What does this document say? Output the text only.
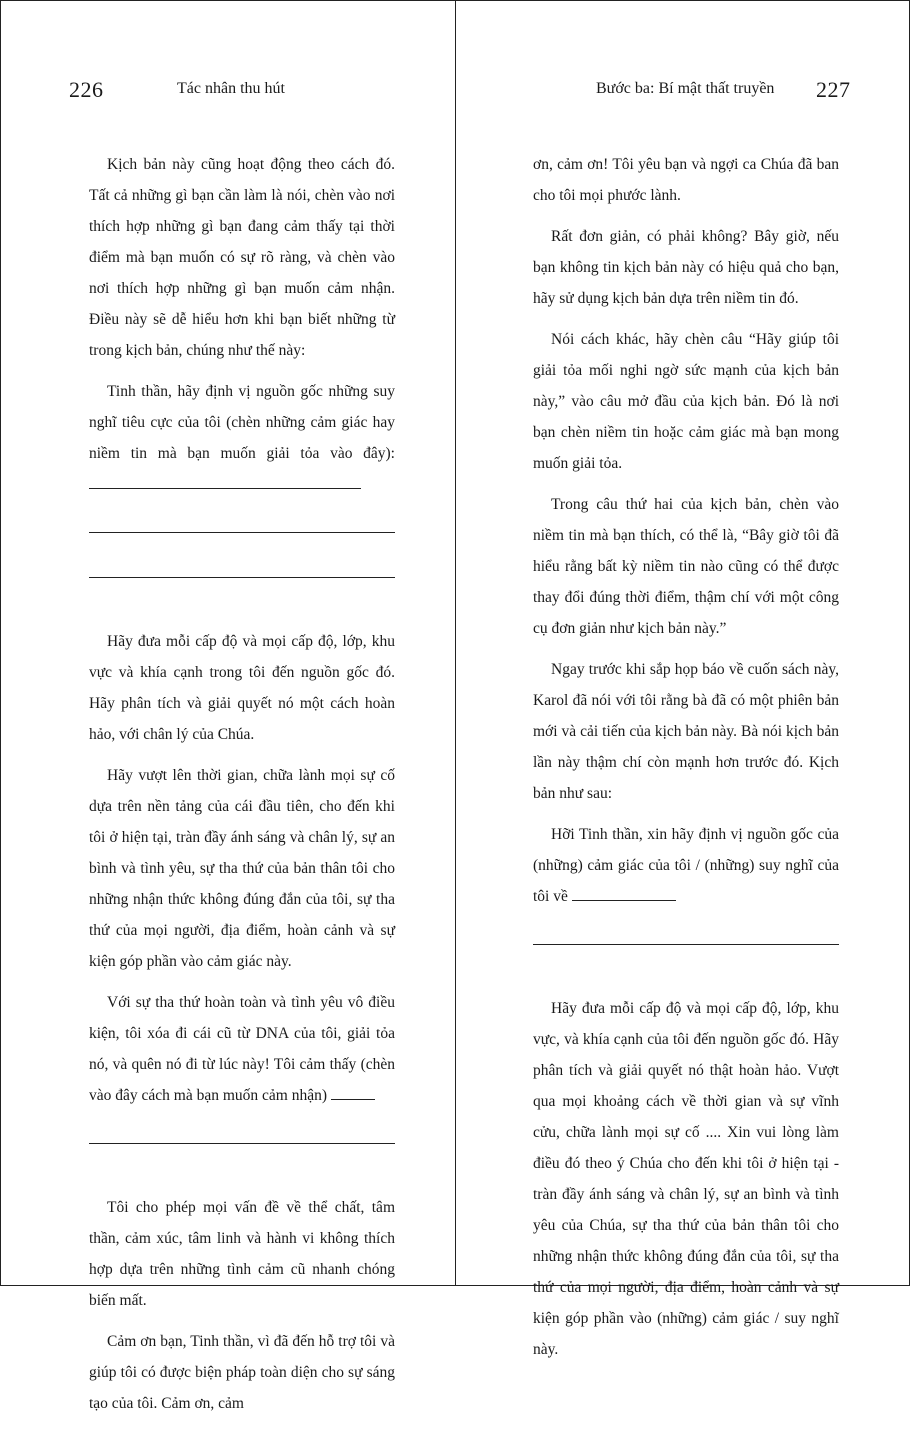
226	Tác nhân thu hút

Kịch bản này cũng hoạt động theo cách đó. Tất cả những gì bạn cần làm là nói, chèn vào nơi thích hợp những gì bạn đang cảm thấy tại thời điểm mà bạn muốn có sự rõ ràng, và chèn vào nơi thích hợp những gì bạn muốn cảm nhận. Điều này sẽ dễ hiểu hơn khi bạn biết những từ trong kịch bản, chúng như thế này:

Tinh thần, hãy định vị nguồn gốc những suy nghĩ tiêu cực của tôi (chèn những cảm giác hay niềm tin mà bạn muốn giải tỏa vào đây):

Hãy đưa mỗi cấp độ và mọi cấp độ, lớp, khu vực và khía cạnh trong tôi đến nguồn gốc đó. Hãy phân tích và giải quyết nó một cách hoàn hảo, với chân lý của Chúa.

Hãy vượt lên thời gian, chữa lành mọi sự cố dựa trên nền tảng của cái đầu tiên, cho đến khi tôi ở hiện tại, tràn đầy ánh sáng và chân lý, sự an bình và tình yêu, sự tha thứ của bản thân tôi cho những nhận thức không đúng đắn của tôi, sự tha thứ của mọi người, địa điểm, hoàn cảnh và sự kiện góp phần vào cảm giác này.

Với sự tha thứ hoàn toàn và tình yêu vô điều kiện, tôi xóa đi cái cũ từ DNA của tôi, giải tỏa nó, và quên nó đi từ lúc này! Tôi cảm thấy (chèn vào đây cách mà bạn muốn cảm nhận)

Tôi cho phép mọi vấn đề về thể chất, tâm thần, cảm xúc, tâm linh và hành vi không thích hợp dựa trên những tình cảm cũ nhanh chóng biến mất.

Cảm ơn bạn, Tinh thần, vì đã đến hỗ trợ tôi và giúp tôi có được biện pháp toàn diện cho sự sáng tạo của tôi. Cảm ơn, cảm

Bước ba: Bí mật thất truyền 227

ơn, cảm ơn! Tôi yêu bạn và ngợi ca Chúa đã ban cho tôi mọi phước lành.

Rất đơn giản, có phải không? Bây giờ, nếu bạn không tin kịch bản này có hiệu quả cho bạn, hãy sử dụng kịch bản dựa trên niềm tin đó.

Nói cách khác, hãy chèn câu “Hãy giúp tôi giải tỏa mối nghi ngờ sức mạnh của kịch bản này,” vào câu mở đầu của kịch bản. Đó là nơi bạn chèn niềm tin hoặc cảm giác mà bạn mong muốn giải tỏa.

Trong câu thứ hai của kịch bản, chèn vào niềm tin mà bạn thích, có thể là, “Bây giờ tôi đã hiểu rằng bất kỳ niềm tin nào cũng có thể được thay đổi đúng thời điểm, thậm chí với một công cụ đơn giản như kịch bản này.”

Ngay trước khi sắp họp báo về cuốn sách này, Karol đã nói với tôi rằng bà đã có một phiên bản mới và cải tiến của kịch bản này. Bà nói kịch bản lần này thậm chí còn mạnh hơn trước đó. Kịch bản như sau:

Hỡi Tinh thần, xin hãy định vị nguồn gốc của (những) cảm giác của tôi / (những) suy nghĩ của tôi về

Hãy đưa mỗi cấp độ và mọi cấp độ, lớp, khu vực, và khía cạnh của tôi đến nguồn gốc đó. Hãy phân tích và giải quyết nó thật hoàn hảo. Vượt qua mọi khoảng cách về thời gian và sự vĩnh cửu, chữa lành mọi sự cố .... Xin vui lòng làm điều đó theo ý Chúa cho đến khi tôi ở hiện tại - tràn đầy ánh sáng và chân lý, sự an bình và tình yêu của Chúa, sự tha thứ của bản thân tôi cho những nhận thức không đúng đắn của tôi, sự tha thứ của mọi người, địa điểm, hoàn cảnh và sự kiện góp phần vào (những) cảm giác / suy nghĩ này.
